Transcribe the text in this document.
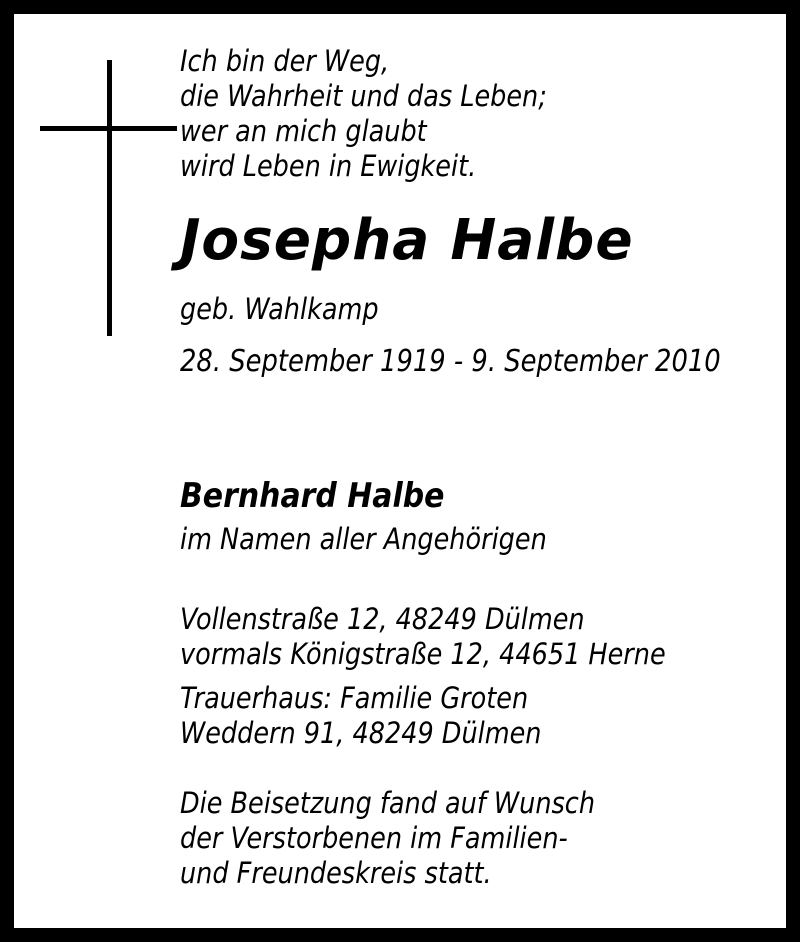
Ich bin der Weg,
die Wahrheit und das Leben;
wer an mich glaubt
wird Leben in Ewigkeit.

Josepha Halbe

geb. Wahlkamp

28. September 1919 - 9. September 2010

Bernhard Halbe

im Namen aller Angehörigen

Vollenstraße 12, 48249 Dülmen
vormals Königstraße 12, 44651 Herne

Trauerhaus: Familie Groten
Weddern 91, 48249 Dülmen

Die Beisetzung fand auf Wunsch
der Verstorbenen im Familien-
und Freundeskreis statt.
